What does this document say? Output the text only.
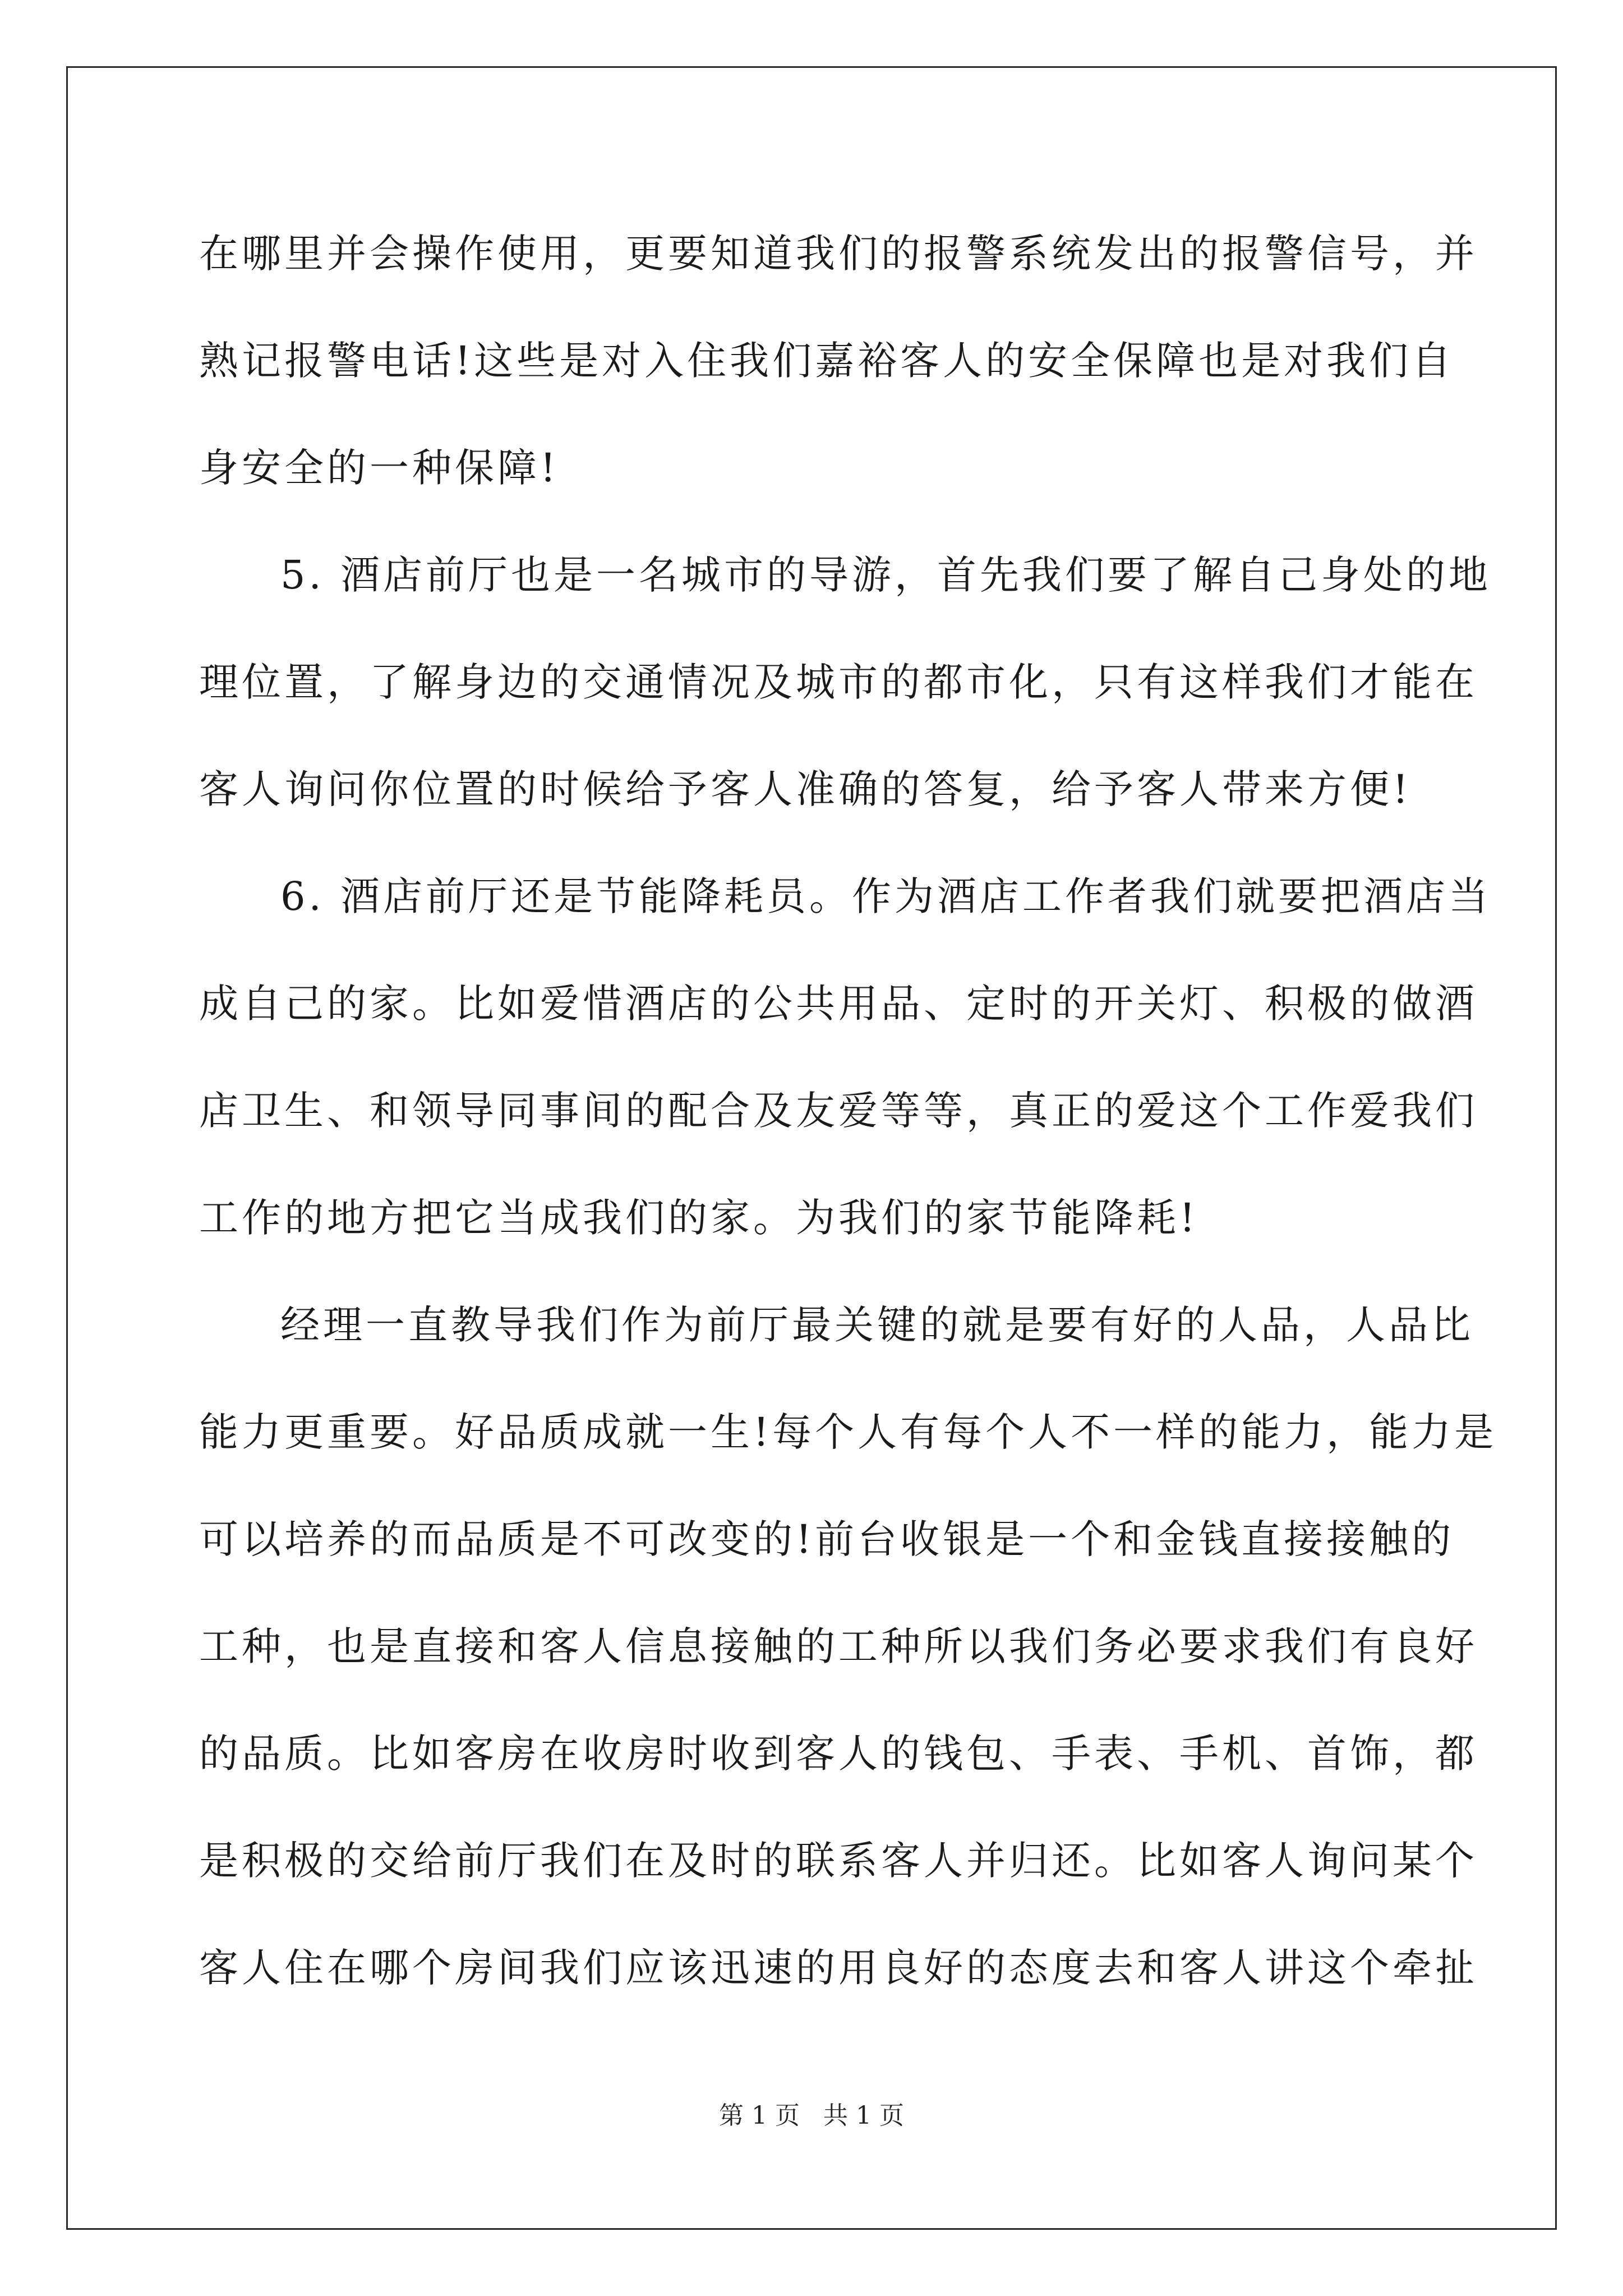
在哪里并会操作使用，更要知道我们的报警系统发出的报警信号，并
熟记报警电话!这些是对入住我们嘉裕客人的安全保障也是对我们自
身安全的一种保障!
5. 酒店前厅也是一名城市的导游，首先我们要了解自己身处的地
理位置，了解身边的交通情况及城市的都市化，只有这样我们才能在
客人询问你位置的时候给予客人准确的答复，给予客人带来方便!
6. 酒店前厅还是节能降耗员。作为酒店工作者我们就要把酒店当
成自己的家。比如爱惜酒店的公共用品、定时的开关灯、积极的做酒
店卫生、和领导同事间的配合及友爱等等，真正的爱这个工作爱我们
工作的地方把它当成我们的家。为我们的家节能降耗!
经理一直教导我们作为前厅最关键的就是要有好的人品，人品比
能力更重要。好品质成就一生!每个人有每个人不一样的能力，能力是
可以培养的而品质是不可改变的!前台收银是一个和金钱直接接触的
工种，也是直接和客人信息接触的工种所以我们务必要求我们有良好
的品质。比如客房在收房时收到客人的钱包、手表、手机、首饰，都
是积极的交给前厅我们在及时的联系客人并归还。比如客人询问某个
客人住在哪个房间我们应该迅速的用良好的态度去和客人讲这个牵扯
第 1 页   共 1 页
